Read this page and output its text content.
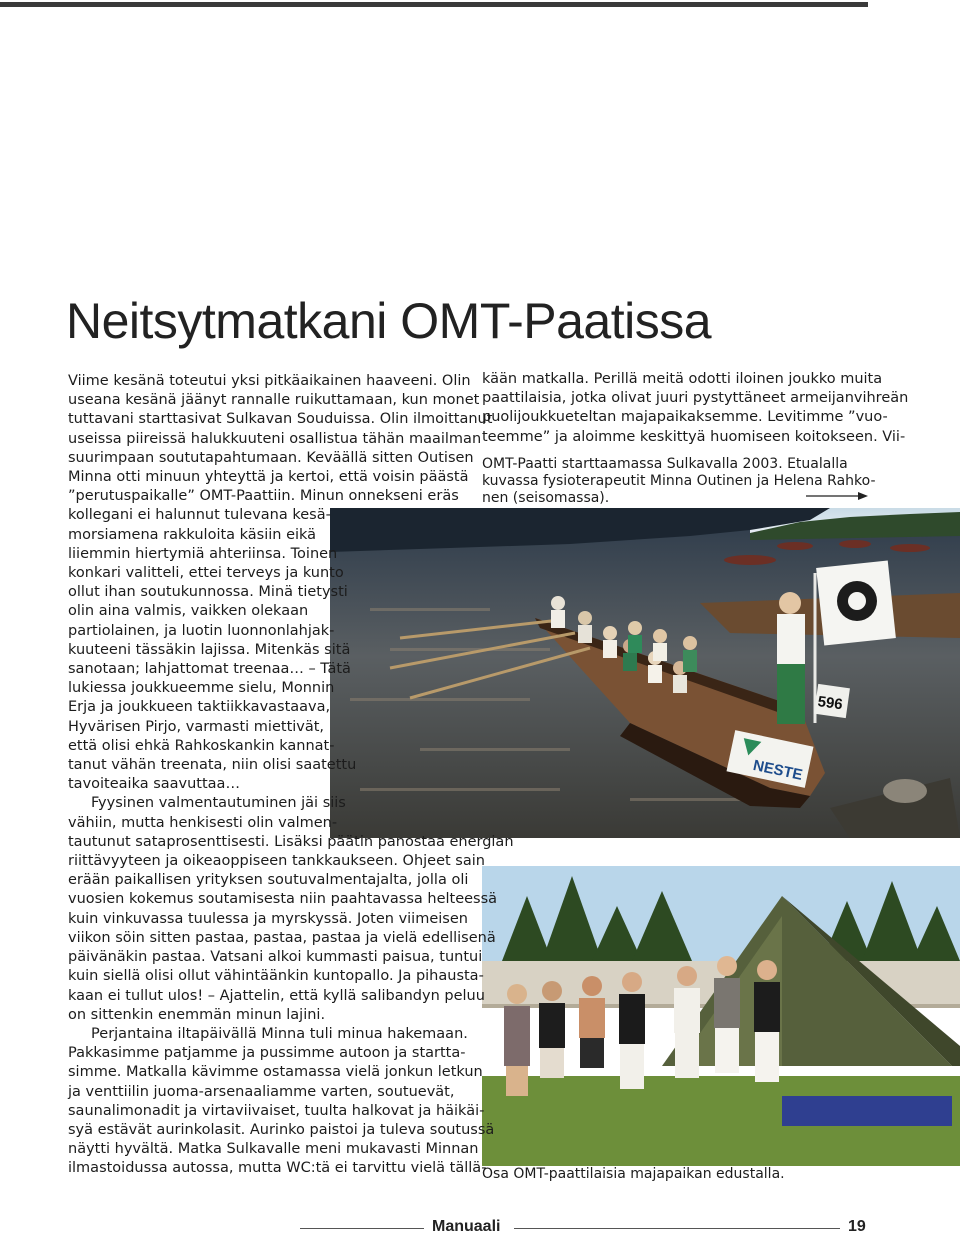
Neitsytmatkani OMT-Paatissa
596
NESTE

Viime kesänä toteutui yksi pitkäaikainen haaveeni. Olin
useana kesänä jäänyt rannalle ruikuttamaan, kun monet
tuttavani starttasivat Sulkavan Souduissa. Olin ilmoittanut
useissa piireissä halukkuuteni osallistua tähän maailman
suurimpaan soututapahtumaan. Keväällä sitten Outisen
Minna otti minuun yhteyttä ja kertoi, että voisin päästä
”perutuspaikalle” OMT-Paattiin. Minun onnekseni eräs
kollegani ei halunnut tulevana kesä-
morsiamena rakkuloita käsiin eikä
liiemmin hiertymiä ahteriinsa. Toinen
konkari valitteli, ettei terveys ja kunto
ollut ihan soutukunnossa. Minä tietysti
olin aina valmis, vaikken olekaan
partiolainen, ja luotin luonnonlahjak-
kuuteeni tässäkin lajissa. Mitenkäs sitä
sanotaan; lahjattomat treenaa… – Tätä
lukiessa joukkueemme sielu, Monnin
Erja ja joukkueen taktiikkavastaava,
Hyvärisen Pirjo, varmasti miettivät,
että olisi ehkä Rahkoskankin kannat-
tanut vähän treenata, niin olisi saatettu
tavoiteaika saavuttaa…
Fyysinen valmentautuminen jäi siis
vähiin, mutta henkisesti olin valmen-
tautunut sataprosenttisesti. Lisäksi päätin panostaa energian
riittävyyteen ja oikeaoppiseen tankkaukseen. Ohjeet sain
erään paikallisen yrityksen soutuvalmentajalta, jolla oli
vuosien kokemus soutamisesta niin paahtavassa helteessä
kuin vinkuvassa tuulessa ja myrskyssä. Joten viimeisen
viikon söin sitten pastaa, pastaa, pastaa ja vielä edellisenä
päivänäkin pastaa. Vatsani alkoi kummasti paisua, tuntui
kuin siellä olisi ollut vähintäänkin kuntopallo. Ja pihausta-
kaan ei tullut ulos! – Ajattelin, että kyllä salibandyn peluu
on sittenkin enemmän minun lajini.
Perjantaina iltapäivällä Minna tuli minua hakemaan.
Pakkasimme patjamme ja pussimme autoon ja startta-
simme. Matkalla kävimme ostamassa vielä jonkun letkun
ja venttiilin juoma-arsenaaliamme varten, soutuevät,
saunalimonadit ja virtaviivaiset, tuulta halkovat ja häikäi-
syä estävät aurinkolasit. Aurinko paistoi ja tuleva soutussä
näytti hyvältä. Matka Sulkavalle meni mukavasti Minnan
ilmastoidussa autossa, mutta WC:tä ei tarvittu vielä tällä-

kään matkalla. Perillä meitä odotti iloinen joukko muita
paattilaisia, jotka olivat juuri pystyttäneet armeijanvihreän
puolijoukkueteltan majapaikaksemme. Levitimme ”vuo-
teemme” ja aloimme keskittyä huomiseen koitokseen. Vii-

OMT-Paatti starttaamassa Sulkavalla 2003. Etualalla
kuvassa fysioterapeutit Minna Outinen ja Helena Rahko-
nen (seisomassa).

Osa OMT-paattilaisia majapaikan edustalla.

Manuaali	19
